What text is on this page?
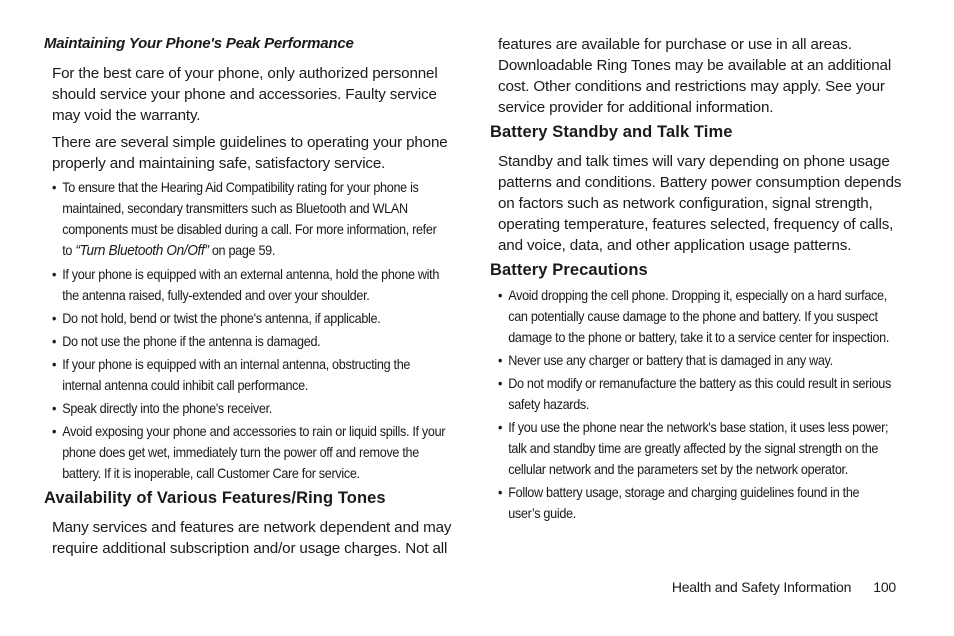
Maintaining Your Phone's Peak Performance
For the best care of your phone, only authorized personnel should service your phone and accessories. Faulty service may void the warranty.
There are several simple guidelines to operating your phone properly and maintaining safe, satisfactory service.
• To ensure that the Hearing Aid Compatibility rating for your phone is maintained, secondary transmitters such as Bluetooth and WLAN components must be disabled during a call. For more information, refer to “Turn Bluetooth On/Off” on page 59.
• If your phone is equipped with an external antenna, hold the phone with the antenna raised, fully-extended and over your shoulder.
• Do not hold, bend or twist the phone's antenna, if applicable.
• Do not use the phone if the antenna is damaged.
• If your phone is equipped with an internal antenna, obstructing the internal antenna could inhibit call performance.
• Speak directly into the phone's receiver.
• Avoid exposing your phone and accessories to rain or liquid spills. If your phone does get wet, immediately turn the power off and remove the battery. If it is inoperable, call Customer Care for service.
Availability of Various Features/Ring Tones
Many services and features are network dependent and may require additional subscription and/or usage charges. Not all
features are available for purchase or use in all areas. Downloadable Ring Tones may be available at an additional cost. Other conditions and restrictions may apply. See your service provider for additional information.
Battery Standby and Talk Time
Standby and talk times will vary depending on phone usage patterns and conditions. Battery power consumption depends on factors such as network configuration, signal strength, operating temperature, features selected, frequency of calls, and voice, data, and other application usage patterns.
Battery Precautions
• Avoid dropping the cell phone. Dropping it, especially on a hard surface, can potentially cause damage to the phone and battery. If you suspect damage to the phone or battery, take it to a service center for inspection.
• Never use any charger or battery that is damaged in any way.
• Do not modify or remanufacture the battery as this could result in serious safety hazards.
• If you use the phone near the network's base station, it uses less power; talk and standby time are greatly affected by the signal strength on the cellular network and the parameters set by the network operator.
• Follow battery usage, storage and charging guidelines found in the user’s guide.
Health and Safety Information 100
